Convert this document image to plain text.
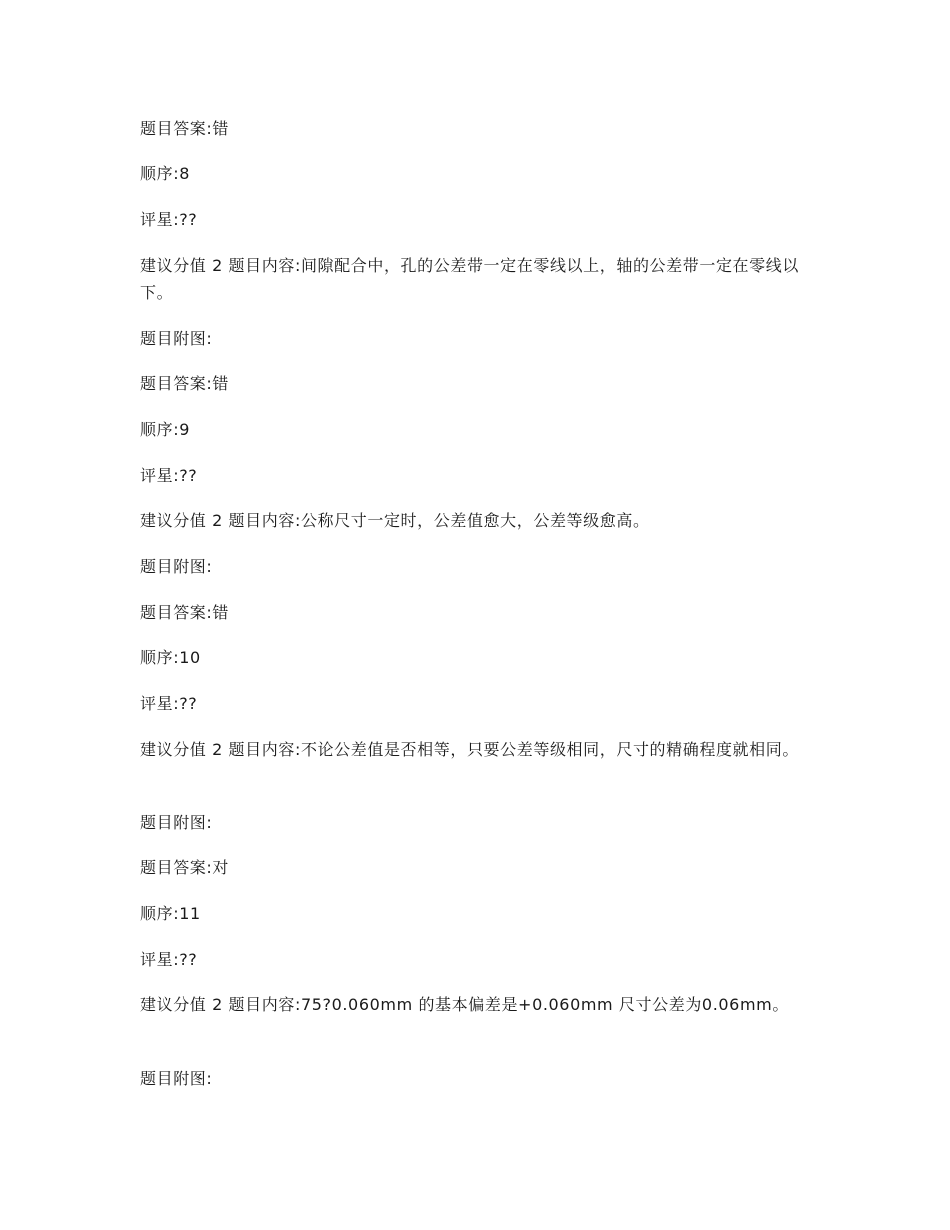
题目答案:错
顺序:8
评星:??
建议分值 2 题目内容:间隙配合中，孔的公差带一定在零线以上，轴的公差带一定在零线以下。
题目附图:
题目答案:错
顺序:9
评星:??
建议分值 2 题目内容:公称尺寸一定时，公差值愈大，公差等级愈高。
题目附图:
题目答案:错
顺序:10
评星:??
建议分值 2 题目内容:不论公差值是否相等，只要公差等级相同，尺寸的精确程度就相同。
题目附图:
题目答案:对
顺序:11
评星:??
建议分值 2 题目内容:75?0.060mm 的基本偏差是+0.060mm 尺寸公差为0.06mm。
题目附图:
